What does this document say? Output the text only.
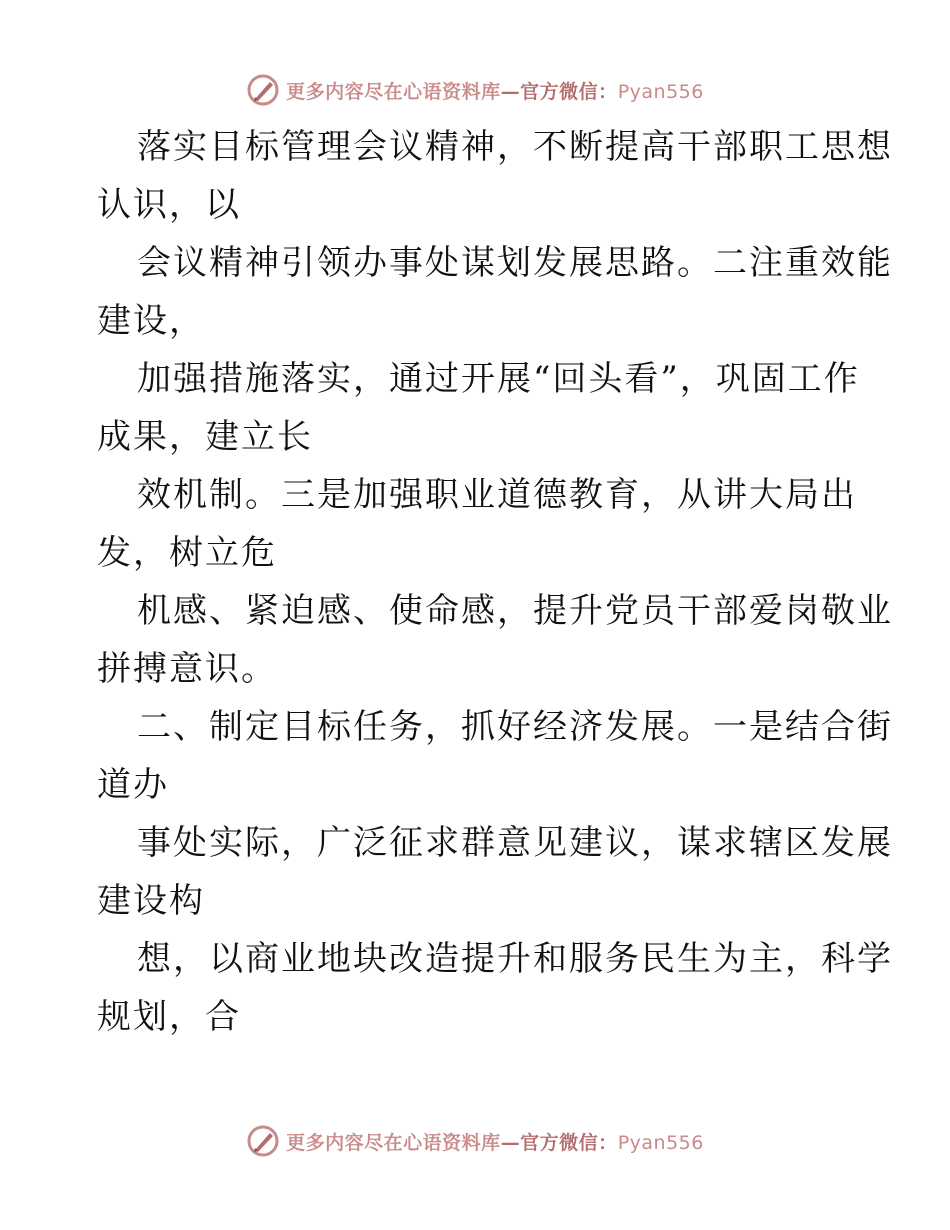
更多内容尽在心语资料库—官方微信：Pyan556
落实目标管理会议精神，不断提高干部职工思想
认识，以
会议精神引领办事处谋划发展思路。二注重效能
建设，
加强措施落实，通过开展“回头看”，巩固工作
成果，建立长
效机制。三是加强职业道德教育，从讲大局出
发，树立危
机感、紧迫感、使命感，提升党员干部爱岗敬业
拼搏意识。
二、制定目标任务，抓好经济发展。一是结合街
道办
事处实际，广泛征求群意见建议，谋求辖区发展
建设构
想，以商业地块改造提升和服务民生为主，科学
规划，合
更多内容尽在心语资料库—官方微信：Pyan556
